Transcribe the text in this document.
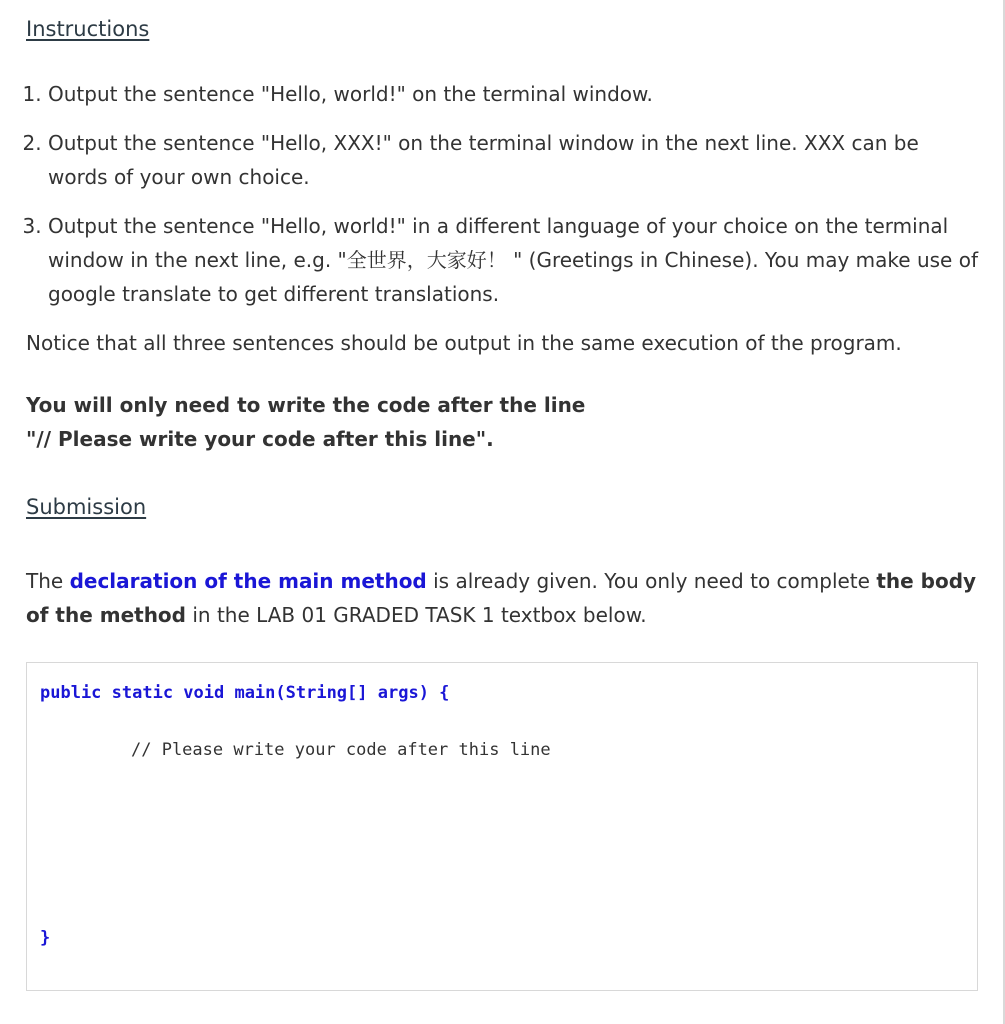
Instructions
1. Output the sentence "Hello, world!" on the terminal window.
2. Output the sentence "Hello, XXX!" on the terminal window in the next line. XXX can be words of your own choice.
3. Output the sentence "Hello, world!" in a different language of your choice on the terminal window in the next line, e.g. "全世界，大家好！ " (Greetings in Chinese). You may make use of google translate to get different translations.

Notice that all three sentences should be output in the same execution of the program.

You will only need to write the code after the line
"// Please write your code after this line".

Submission

The declaration of the main method is already given. You only need to complete the body of the method in the LAB 01 GRADED TASK 1 textbox below.

public static void main(String[] args) {
// Please write your code after this line
}
